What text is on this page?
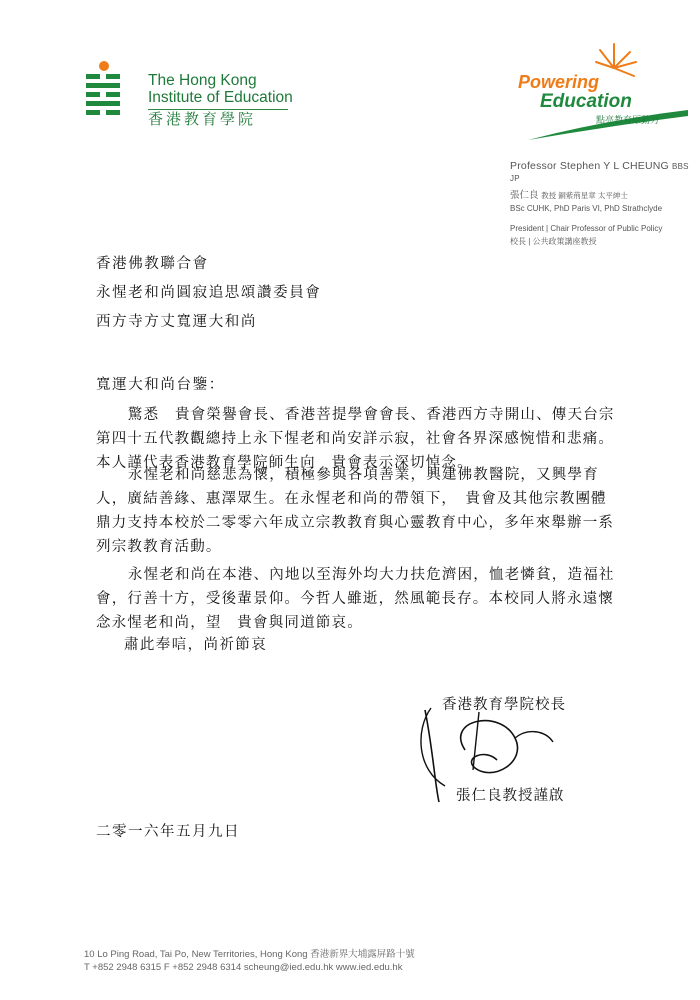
The Hong Kong
Institute of Education
香港教育學院
Powering
Education
點亮教育原動力
Professor Stephen Y L CHEUNG BBS JP
張仁良 教授 銅紫荊星章 太平紳士
BSc CUHK, PhD Paris VI, PhD Strathclyde
President | Chair Professor of Public Policy
校長 | 公共政策講座教授
香港佛教聯合會
永惺老和尚圓寂追思頌讚委員會
西方寺方丈寬運大和尚
寬運大和尚台鑒：

驚悉　貴會榮譽會長、香港菩提學會會長、香港西方寺開山、傳天台宗第四十五代教觀總持上永下惺老和尚安詳示寂，社會各界深感惋惜和悲痛。本人謹代表香港教育學院師生向　貴會表示深切悼念。

永惺老和尚慈悲為懷，積極參與各項善業，興建佛教醫院，又興學育人，廣結善緣、惠澤眾生。在永惺老和尚的帶領下，　貴會及其他宗教團體鼎力支持本校於二零零六年成立宗教教育與心靈教育中心，多年來舉辦一系列宗教教育活動。

永惺老和尚在本港、內地以至海外均大力扶危濟困，恤老憐貧，造福社會，行善十方，受後輩景仰。今哲人雖逝，然風範長存。本校同人將永遠懷念永惺老和尚，望　貴會與同道節哀。

肅此奉唁，尚祈節哀
香港教育學院校長
張仁良教授謹啟
二零一六年五月九日
10 Lo Ping Road, Tai Po, New Territories, Hong Kong 香港新界大埔露屏路十號
T +852 2948 6315 F +852 2948 6314 scheung@ied.edu.hk www.ied.edu.hk
